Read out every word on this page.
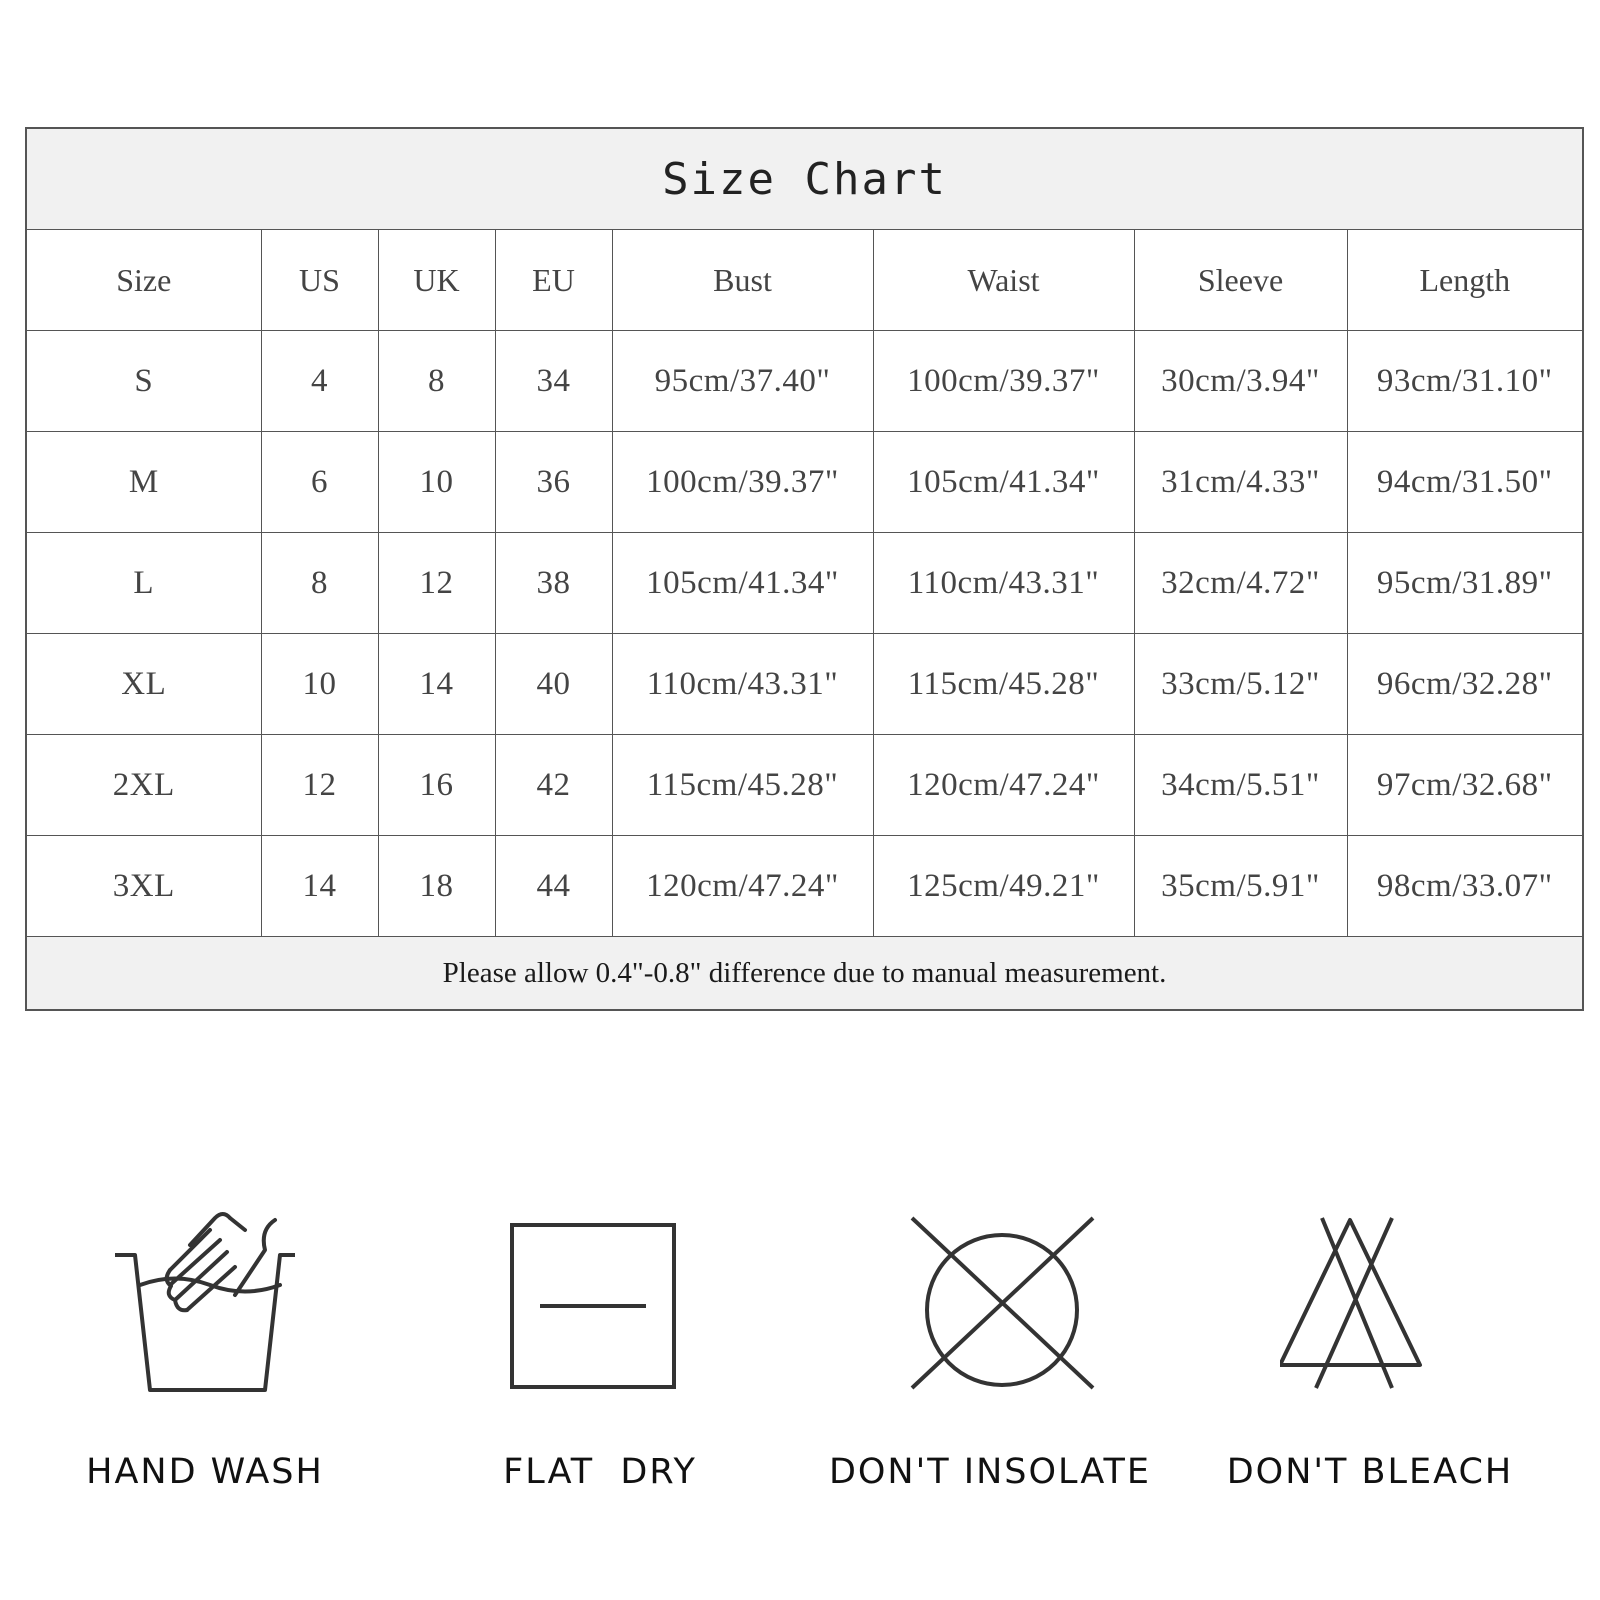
Size Chart							
Size	US	UK	EU	Bust	Waist	Sleeve	Length
S	4	8	34	95cm/37.40"	100cm/39.37"	30cm/3.94"	93cm/31.10"
M	6	10	36	100cm/39.37"	105cm/41.34"	31cm/4.33"	94cm/31.50"
L	8	12	38	105cm/41.34"	110cm/43.31"	32cm/4.72"	95cm/31.89"
XL	10	14	40	110cm/43.31"	115cm/45.28"	33cm/5.12"	96cm/32.28"
2XL	12	16	42	115cm/45.28"	120cm/47.24"	34cm/5.51"	97cm/32.68"
3XL	14	18	44	120cm/47.24"	125cm/49.21"	35cm/5.91"	98cm/33.07"
Please allow 0.4"-0.8" difference due to manual measurement.							
HAND WASH	FLAT  DRY	DON'T INSOLATE	DON'T BLEACH
